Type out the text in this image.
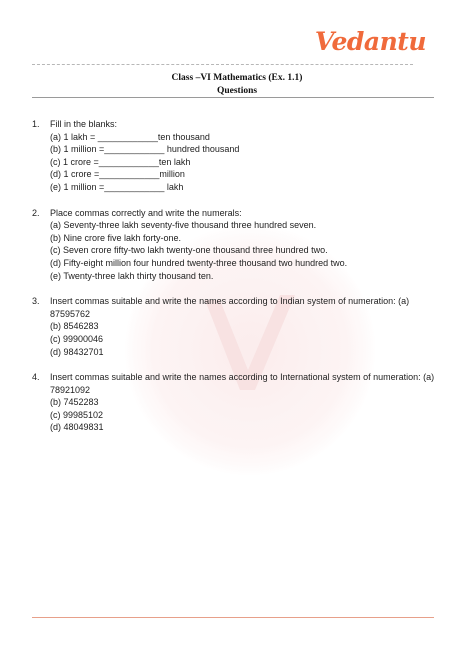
Vedantu
Class –VI Mathematics (Ex. 1.1)
Questions
1.	Fill in the blanks:
(a) 1 lakh = ____________ten thousand
(b) 1 million =____________ hundred thousand
(c) 1 crore =____________ten lakh
(d) 1 crore =____________million
(e) 1 million =____________ lakh
2.	Place commas correctly and write the numerals:
(a) Seventy-three lakh seventy-five thousand three hundred seven.
(b) Nine crore five lakh forty-one.
(c) Seven crore fifty-two lakh twenty-one thousand three hundred two.
(d) Fifty-eight million four hundred twenty-three thousand two hundred two.
(e) Twenty-three lakh thirty thousand ten.
3.	Insert commas suitable and write the names according to Indian system of numeration: (a) 87595762
(b) 8546283
(c) 99900046
(d) 98432701
4.	Insert commas suitable and write the names according to International system of numeration: (a) 78921092
(b) 7452283
(c) 99985102
(d) 48049831
